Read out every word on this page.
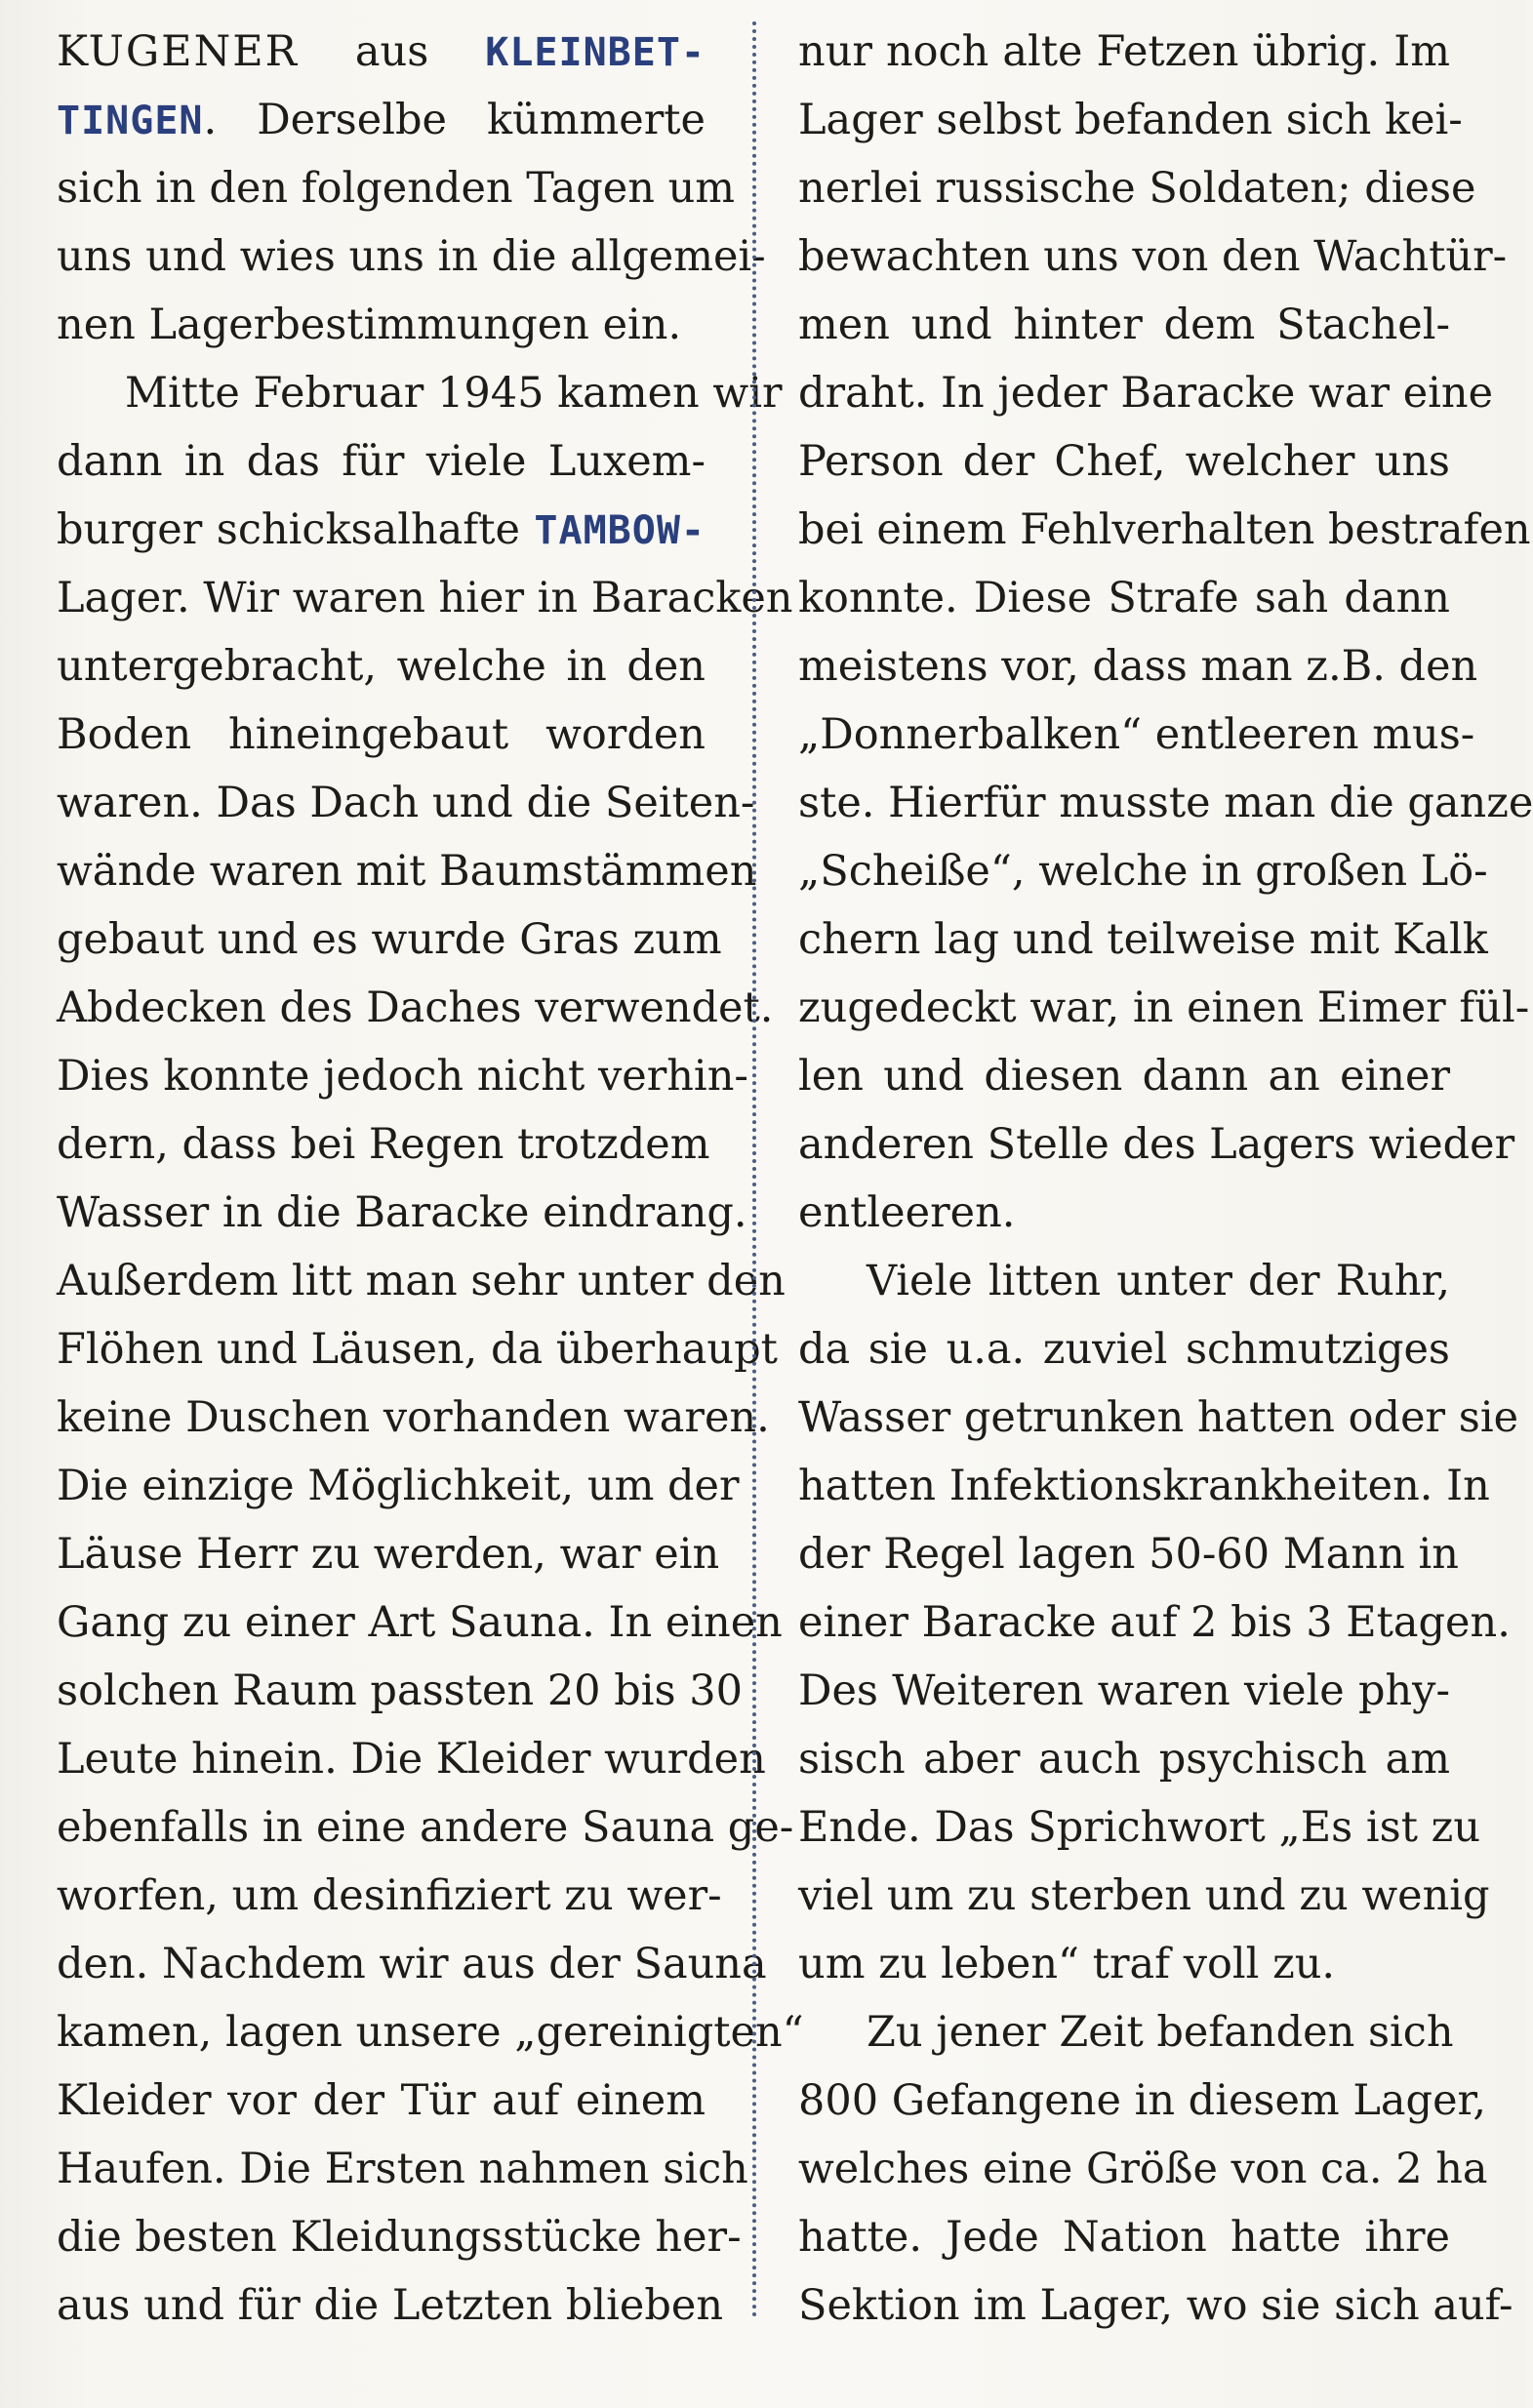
KUGENER aus KLEINBET-
TINGEN. Derselbe kümmerte
sich in den folgenden Tagen um
uns und wies uns in die allgemei-
nen Lagerbestimmungen ein.
Mitte Februar 1945 kamen wir
dann in das für viele Luxem-
burger schicksalhafte TAMBOW-
Lager. Wir waren hier in Baracken
untergebracht, welche in den
Boden hineingebaut worden
waren. Das Dach und die Seiten-
wände waren mit Baumstämmen
gebaut und es wurde Gras zum
Abdecken des Daches verwendet.
Dies konnte jedoch nicht verhin-
dern, dass bei Regen trotzdem
Wasser in die Baracke eindrang.
Außerdem litt man sehr unter den
Flöhen und Läusen, da überhaupt
keine Duschen vorhanden waren.
Die einzige Möglichkeit, um der
Läuse Herr zu werden, war ein
Gang zu einer Art Sauna. In einen
solchen Raum passten 20 bis 30
Leute hinein. Die Kleider wurden
ebenfalls in eine andere Sauna ge-
worfen, um desinfiziert zu wer-
den. Nachdem wir aus der Sauna
kamen, lagen unsere „gereinigten“
Kleider vor der Tür auf einem
Haufen. Die Ersten nahmen sich
die besten Kleidungsstücke her-
aus und für die Letzten blieben
nur noch alte Fetzen übrig. Im
Lager selbst befanden sich kei-
nerlei russische Soldaten; diese
bewachten uns von den Wachtür-
men und hinter dem Stachel-
draht. In jeder Baracke war eine
Person der Chef, welcher uns
bei einem Fehlverhalten bestrafen
konnte. Diese Strafe sah dann
meistens vor, dass man z.B. den
„Donnerbalken“ entleeren mus-
ste. Hierfür musste man die ganze
„Scheiße“, welche in großen Lö-
chern lag und teilweise mit Kalk
zugedeckt war, in einen Eimer fül-
len und diesen dann an einer
anderen Stelle des Lagers wieder
entleeren.
Viele litten unter der Ruhr,
da sie u.a. zuviel schmutziges
Wasser getrunken hatten oder sie
hatten Infektionskrankheiten. In
der Regel lagen 50-60 Mann in
einer Baracke auf 2 bis 3 Etagen.
Des Weiteren waren viele phy-
sisch aber auch psychisch am
Ende. Das Sprichwort „Es ist zu
viel um zu sterben und zu wenig
um zu leben“ traf voll zu.
Zu jener Zeit befanden sich
800 Gefangene in diesem Lager,
welches eine Größe von ca. 2 ha
hatte. Jede Nation hatte ihre
Sektion im Lager, wo sie sich auf-
